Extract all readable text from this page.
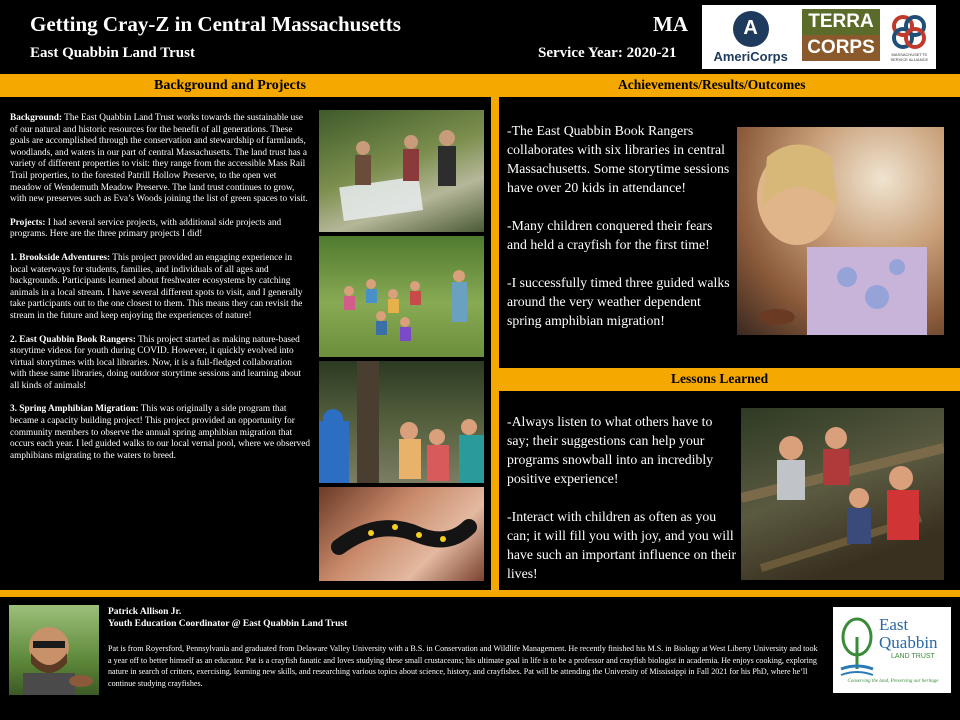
Getting Cray-Z in Central Massachusetts
East Quabbin Land Trust
MA
Service Year: 2020-21
A
AmeriCorps
TERRA
CORPS	MASSACHUSETTS SERVICE ALLIANCE
Background and Projects	Achievements/Results/Outcomes
Lessons Learned

Background: The East Quabbin Land Trust works towards the sustainable use of our natural and historic resources for the benefit of all generations. These goals are accomplished through the conservation and stewardship of farmlands, woodlands, and waters in our part of central Massachusetts. The land trust has a variety of different properties to visit: they range from the accessible Mass Rail Trail properties, to the forested Patrill Hollow Preserve, to the open wet meadow of Wendemuth Meadow Preserve. The land trust continues to grow, with new preserves such as Eva’s Woods joining the list of green spaces to visit.

Projects: I had several service projects, with additional side projects and programs. Here are the three primary projects I did!

1. Brookside Adventures: This project provided an engaging experience in local waterways for students, families, and individuals of all ages and backgrounds. Participants learned about freshwater ecosystems by catching animals in a local stream. I have several different spots to visit, and I generally take participants out to the one closest to them. This means they can revisit the stream in the future and keep enjoying the experiences of nature!

2. East Quabbin Book Rangers: This project started as making nature-based storytime videos for youth during COVID. However, it quickly evolved into virtual storytimes with local libraries. Now, it is a full-fledged collaboration with these same libraries, doing outdoor storytime sessions and learning about all kinds of animals!

3. Spring Amphibian Migration: This was originally a side program that became a capacity building project! This project provided an opportunity for community members to observe the annual spring amphibian migration that occurs each year. I led guided walks to our local vernal pool, where we observed amphibians migrating to the waters to breed.

-The East Quabbin Book Rangers collaborates with six libraries in central Massachusetts. Some storytime sessions have over 20 kids in attendance!

-Many children conquered their fears and held a crayfish for the first time!

-I successfully timed three guided walks around the very weather dependent spring amphibian migration!

-Always listen to what others have to say; their suggestions can help your programs snowball into an incredibly positive experience!

-Interact with children as often as you can; it will fill you with joy, and you will have such an important influence on their lives!

Patrick Allison Jr.
Youth Education Coordinator @ East Quabbin Land Trust
Pat is from Royersford, Pennsylvania and graduated from Delaware Valley University with a B.S. in Conservation and Wildlife Management. He recently finished his M.S. in Biology at West Liberty University and took a year off to better himself as an educator. Pat is a crayfish fanatic and loves studying these small crustaceans; his ultimate goal in life is to be a professor and crayfish biologist in academia. He enjoys cooking, exploring nature in search of critters, exercising, learning new skills, and researching various topics about science, history, and crayfishes. Pat will be attending the University of Mississippi in Fall 2021 for his PhD, where he’ll continue studying crayfishes.
East
Quabbin
LAND TRUST
Conserving the land, Preserving our heritage
